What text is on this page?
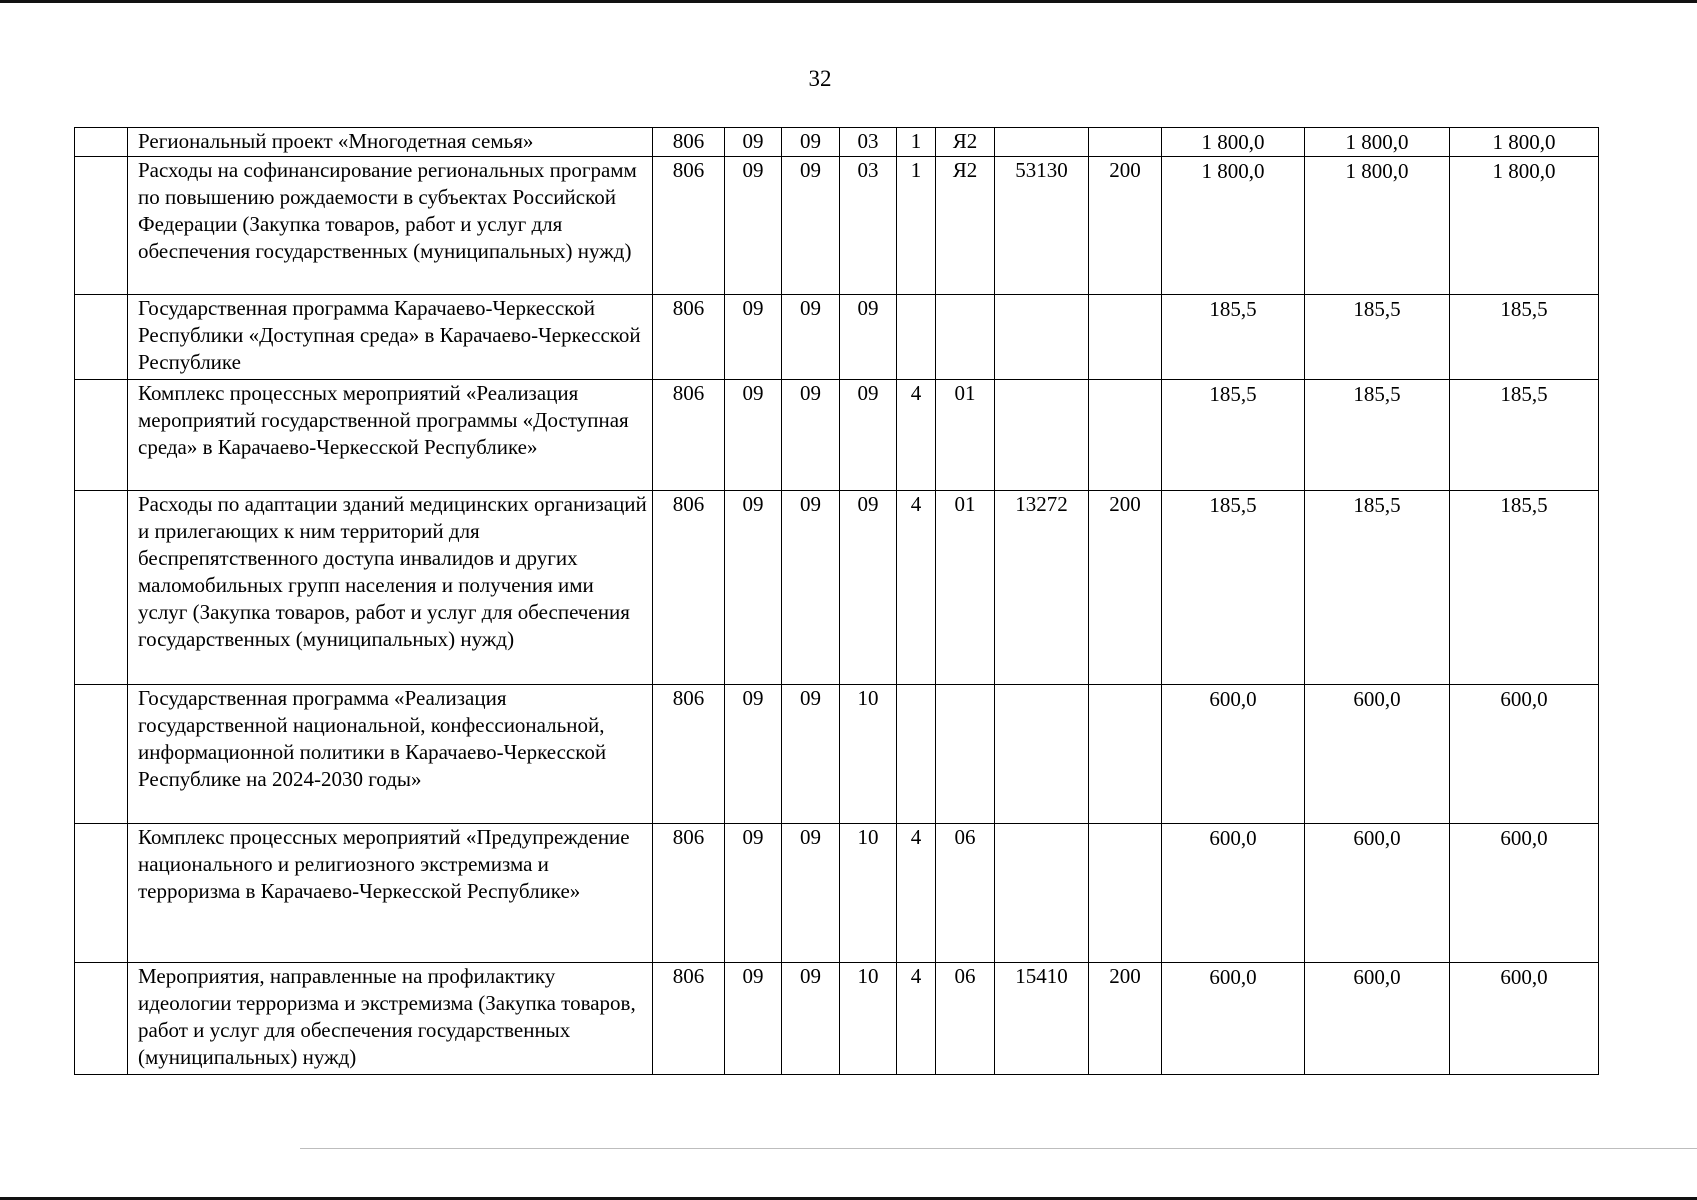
32
	Региональный проект «Многодетная семья»	806	09	09	03	1	Я2			1 800,0	1 800,0	1 800,0
	Расходы на софинансирование региональных программ по повышению рождаемости в субъектах Российской Федерации (Закупка товаров, работ и услуг для обеспечения государственных (муниципальных) нужд)	806	09	09	03	1	Я2	53130	200	1 800,0	1 800,0	1 800,0
	Государственная программа Карачаево-Черкесской Республики «Доступная среда» в Карачаево-Черкесской Республике	806	09	09	09					185,5	185,5	185,5
	Комплекс процессных мероприятий «Реализация мероприятий государственной программы «Доступная среда» в Карачаево-Черкесской Республике»	806	09	09	09	4	01			185,5	185,5	185,5
	Расходы по адаптации зданий медицинских организаций и прилегающих к ним территорий для беспрепятственного доступа инвалидов и других маломобильных групп населения и получения ими услуг (Закупка товаров, работ и услуг для обеспечения государственных (муниципальных) нужд)	806	09	09	09	4	01	13272	200	185,5	185,5	185,5
	Государственная программа «Реализация государственной национальной, конфессиональной, информационной политики в Карачаево-Черкесской Республике на 2024-2030 годы»	806	09	09	10					600,0	600,0	600,0
	Комплекс процессных мероприятий «Предупреждение национального и религиозного экстремизма и терроризма в Карачаево-Черкесской Республике»	806	09	09	10	4	06			600,0	600,0	600,0
	Мероприятия, направленные на профилактику идеологии терроризма и экстремизма (Закупка товаров, работ и услуг для обеспечения государственных (муниципальных) нужд)	806	09	09	10	4	06	15410	200	600,0	600,0	600,0
